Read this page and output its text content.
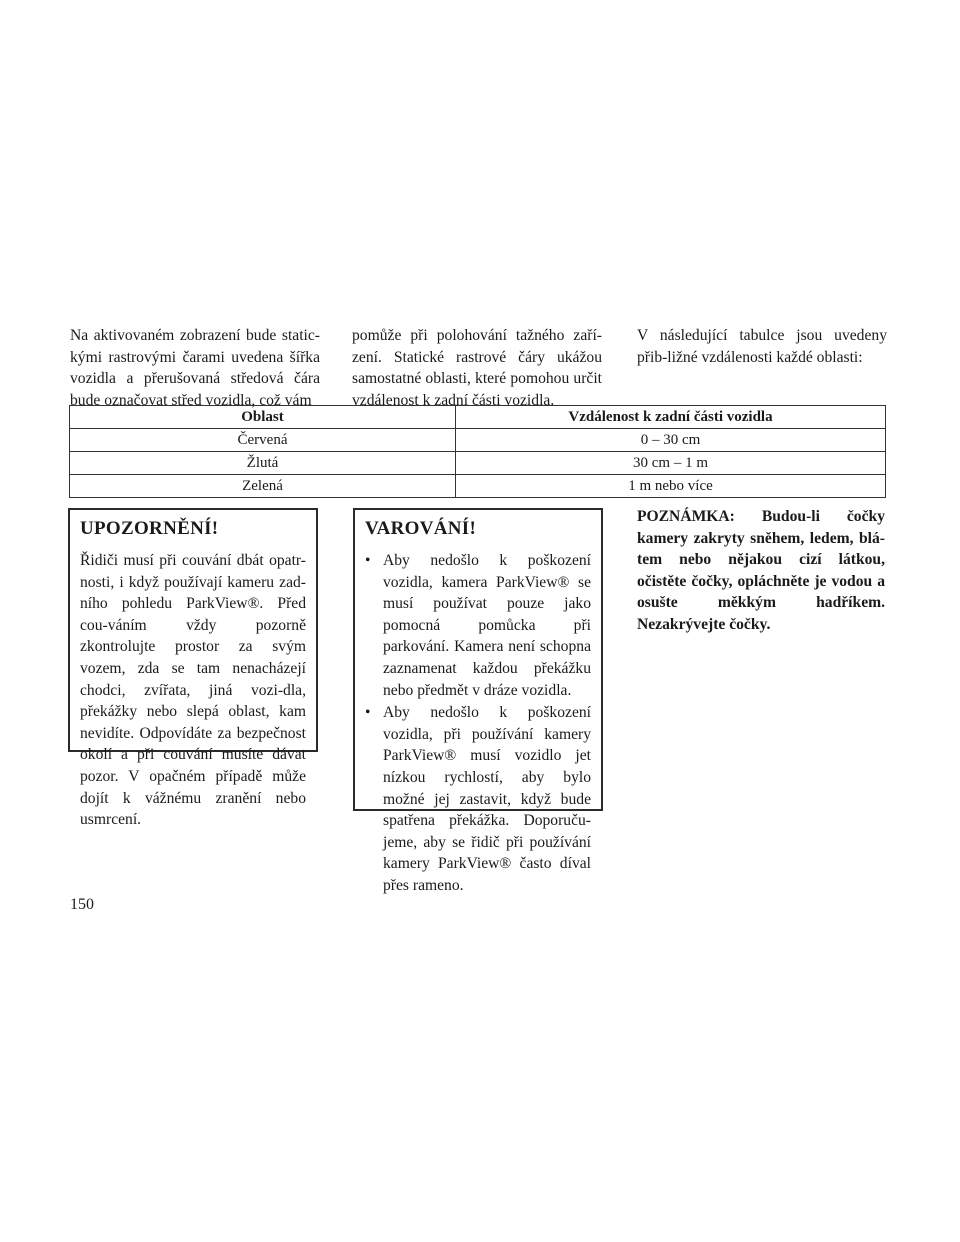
Na aktivovaném zobrazení bude static-kými rastrovými čarami uvedena šířka vozidla a přerušovaná středová čára bude označovat střed vozidla, což vám
pomůže při polohování tažného zaří-zení. Statické rastrové čáry ukážou samostatné oblasti, které pomohou určit vzdálenost k zadní části vozidla.
V následující tabulce jsou uvedeny přib-ližné vzdálenosti každé oblasti:
Oblast	Vzdálenost k zadní části vozidla
Červená	0 – 30 cm
Žlutá	30 cm – 1 m
Zelená	1 m nebo více
UPOZORNĚNÍ!

Řidiči musí při couvání dbát opatr-nosti, i když používají kameru zad-ního pohledu ParkView®. Před cou-váním vždy pozorně zkontrolujte prostor za svým vozem, zda se tam nenacházejí chodci, zvířata, jiná vozi-dla, překážky nebo slepá oblast, kam nevidíte. Odpovídáte za bezpečnost okolí a při couvání musíte dávat pozor. V opačném případě může dojít k vážnému zranění nebo usmrcení.

VAROVÁNÍ!
• Aby nedošlo k poškození vozidla, kamera ParkView® se musí používat pouze jako pomocná pomůcka při parkování. Kamera není schopna zaznamenat každou překážku nebo předmět v dráze vozidla.
• Aby nedošlo k poškození vozidla, při používání kamery ParkView® musí vozidlo jet nízkou rychlostí, aby bylo možné jej zastavit, když bude spatřena překážka. Doporuču-jeme, aby se řidič při používání kamery ParkView® často díval přes rameno.
POZNÁMKA: Budou-li čočky kamery zakryty sněhem, ledem, blá-tem nebo nějakou cizí látkou, očistěte čočky, opláchněte je vodou a osušte měkkým hadříkem. Nezakrývejte čočky.
150
